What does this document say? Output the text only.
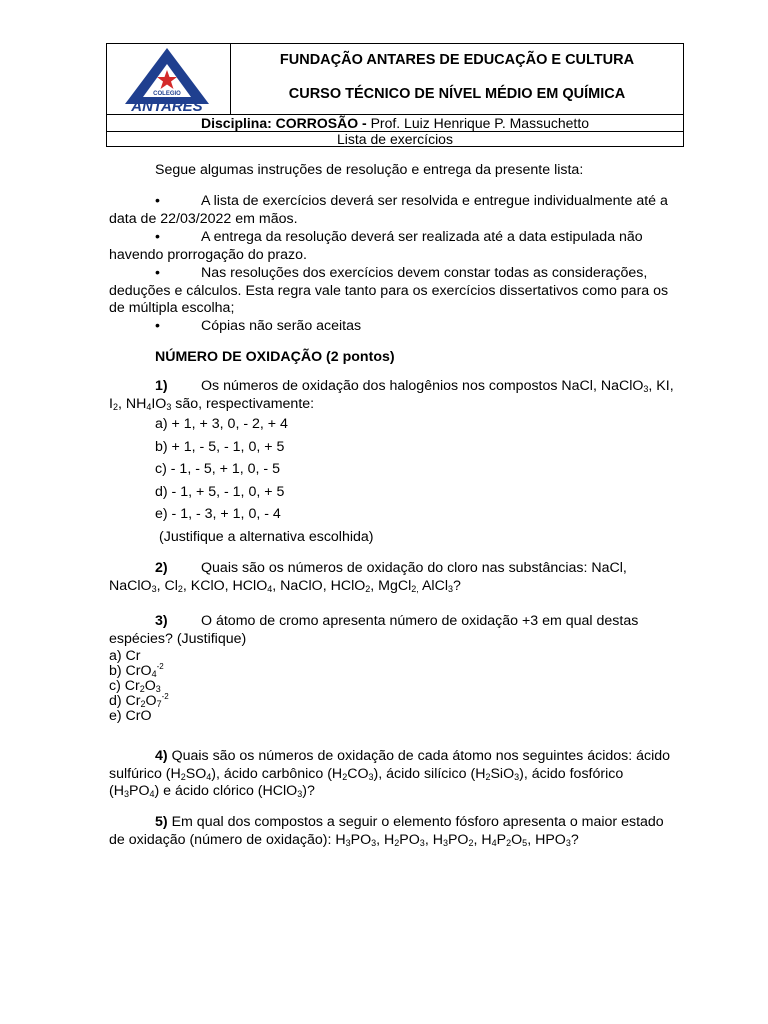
COLEGIO
ANTARES
FUNDAÇÃO ANTARES DE EDUCAÇÃO E CULTURA
CURSO TÉCNICO DE NÍVEL MÉDIO EM QUÍMICA
Disciplina: CORROSÃO - Prof. Luiz Henrique P. Massuchetto
Lista de exercícios

Segue algumas instruções de resolução e entrega da presente lista:

•	A lista de exercícios deverá ser resolvida e entregue individualmente até a
data de 22/03/2022 em mãos.
•	A entrega da resolução deverá ser realizada até a data estipulada não
havendo prorrogação do prazo.
•	Nas resoluções dos exercícios devem constar todas as considerações,
deduções e cálculos. Esta regra vale tanto para os exercícios dissertativos como para os
de múltipla escolha;
•	Cópias não serão aceitas

NÚMERO DE OXIDAÇÃO (2 pontos)

1) Os números de oxidação dos halogênios nos compostos NaCl, NaClO$_3$, KI,
$I_2$, $NH_4IO_3$ são, respectivamente:
a) + 1, + 3, 0, - 2, + 4
b) + 1, - 5, - 1, 0, + 5
c) - 1, - 5, + 1, 0, - 5
d) - 1, + 5, - 1, 0, + 5
e) - 1, - 3, + 1, 0, - 4
(Justifique a alternativa escolhida)
2) Quais são os números de oxidação do cloro nas substâncias: NaCl,
NaClO$_3$, $Cl_2$, KClO, HClO$_4$, NaClO, HClO$_2$, MgCl$_{2,}$ AlCl$_3$?
3) O átomo de cromo apresenta número de oxidação +3 em qual destas
espécies? (Justifique)
a) Cr
b) CrO$_4^{-2}$
c) $Cr_2O_3$
d) $Cr_2O_7^{-2}$
e) CrO
4) Quais são os números de oxidação de cada átomo nos seguintes ácidos: ácido
sulfúrico $(H_2SO_4)$, ácido carbônico $(H_2CO_3)$, ácido silícico $(H_2SiO_3)$, ácido fosfórico
$(H_3PO_4)$ e ácido clórico (HClO$_3$)?
5) Em qual dos compostos a seguir o elemento fósforo apresenta o maior estado
de oxidação (número de oxidação): $H_3PO_3$, $H_2PO_3$, $H_3PO_2$, $H_4P_2O_5$, $HPO_3$?
